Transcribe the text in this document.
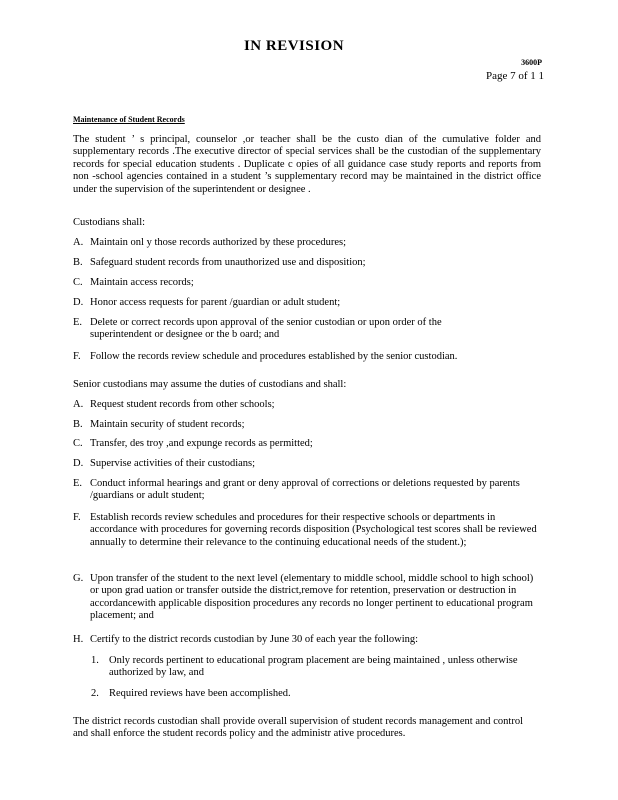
IN REVISION
3600P
Page 7 of 1 1
Maintenance of Student Records
The student ’ s principal, counselor ,or teacher shall be the custo dian of the cumulative folder and supplementary records .The executive director of special services shall be the custodian of the supplementary records for special education students . Duplicate c opies of all guidance case study reports and reports from non -school agencies contained in a student ’s supplementary record may be maintained in the district office under the supervision of the superintendent or designee .
Custodians shall:
A. Maintain onl y those records authorized by these procedures;
B. Safeguard student records from unauthorized use and disposition;
C. Maintain access records;
D. Honor access requests for parent /guardian or adult student;
E. Delete or correct records upon approval of the senior custodian or upon order of the superintendent or designee or the b oard; and
F. Follow the records review schedule and procedures established by the senior custodian.
Senior custodians may assume the duties of custodians and shall:
A. Request student records from other schools;
B. Maintain security of student records;
C. Transfer, des troy ,and expunge records as permitted;
D. Supervise activities of their custodians;
E. Conduct informal hearings and grant or deny approval of corrections or deletions requested by parents /guardians or adult student;
F. Establish records review schedules and procedures for their respective schools or departments in accordance with procedures for governing records disposition (Psychological test scores shall be reviewed annually to determine their relevance to the continuing educational needs of the student.);
G. Upon transfer of the student to the next level (elementary to middle school, middle school to high school) or upon grad uation or transfer outside the district,remove for retention, preservation or destruction in accordancewith applicable disposition procedures any records no longer pertinent to educational program placement; and
H. Certify to the district records custodian by June 30 of each year the following:
1. Only records pertinent to educational program placement are being maintained , unless otherwise authorized by law, and
2. Required reviews have been accomplished.
The district records custodian shall provide overall supervision of student records management and control and shall enforce the student records policy and the administr ative procedures.
